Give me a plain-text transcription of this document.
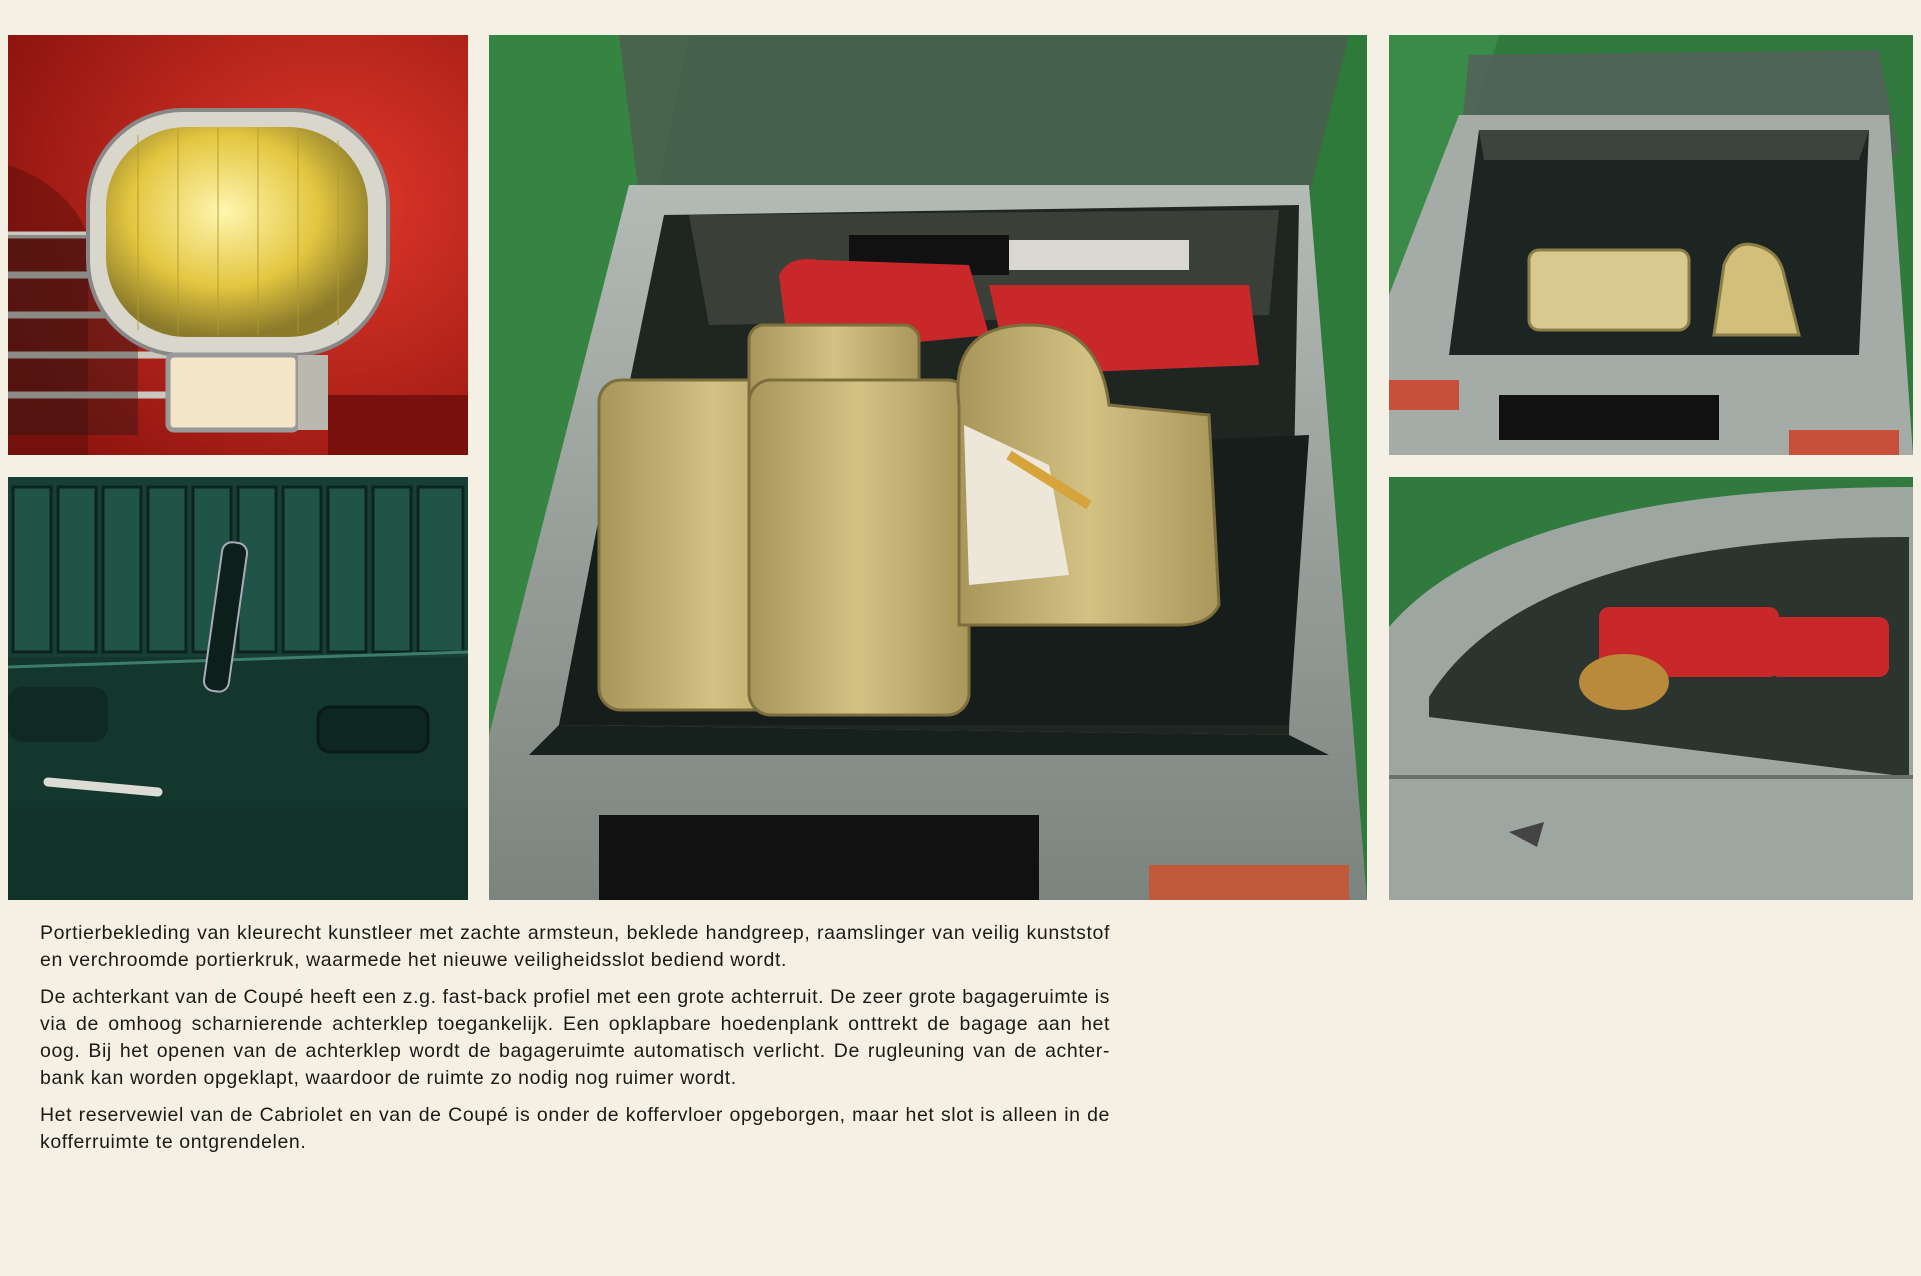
Portierbekleding van kleurecht kunstleer met zachte armsteun, beklede handgreep, raamslinger van veilig kunststof en verchroomde portierkruk, waarmede het nieuwe veiligheidsslot bediend wordt.

De achterkant van de Coupé heeft een z.g. fast-back profiel met een grote achterruit. De zeer grote bagageruimte is via de omhoog scharnierende achterklep toegankelijk. Een opklapbare hoedenplank onttrekt de bagage aan het oog. Bij het openen van de achterklep wordt de bagageruimte automatisch verlicht. De rugleuning van de achter-bank kan worden opgeklapt, waardoor de ruimte zo nodig nog ruimer wordt.

Het reservewiel van de Cabriolet en van de Coupé is onder de koffervloer opgeborgen, maar het slot is alleen in de kofferruimte te ontgrendelen.
